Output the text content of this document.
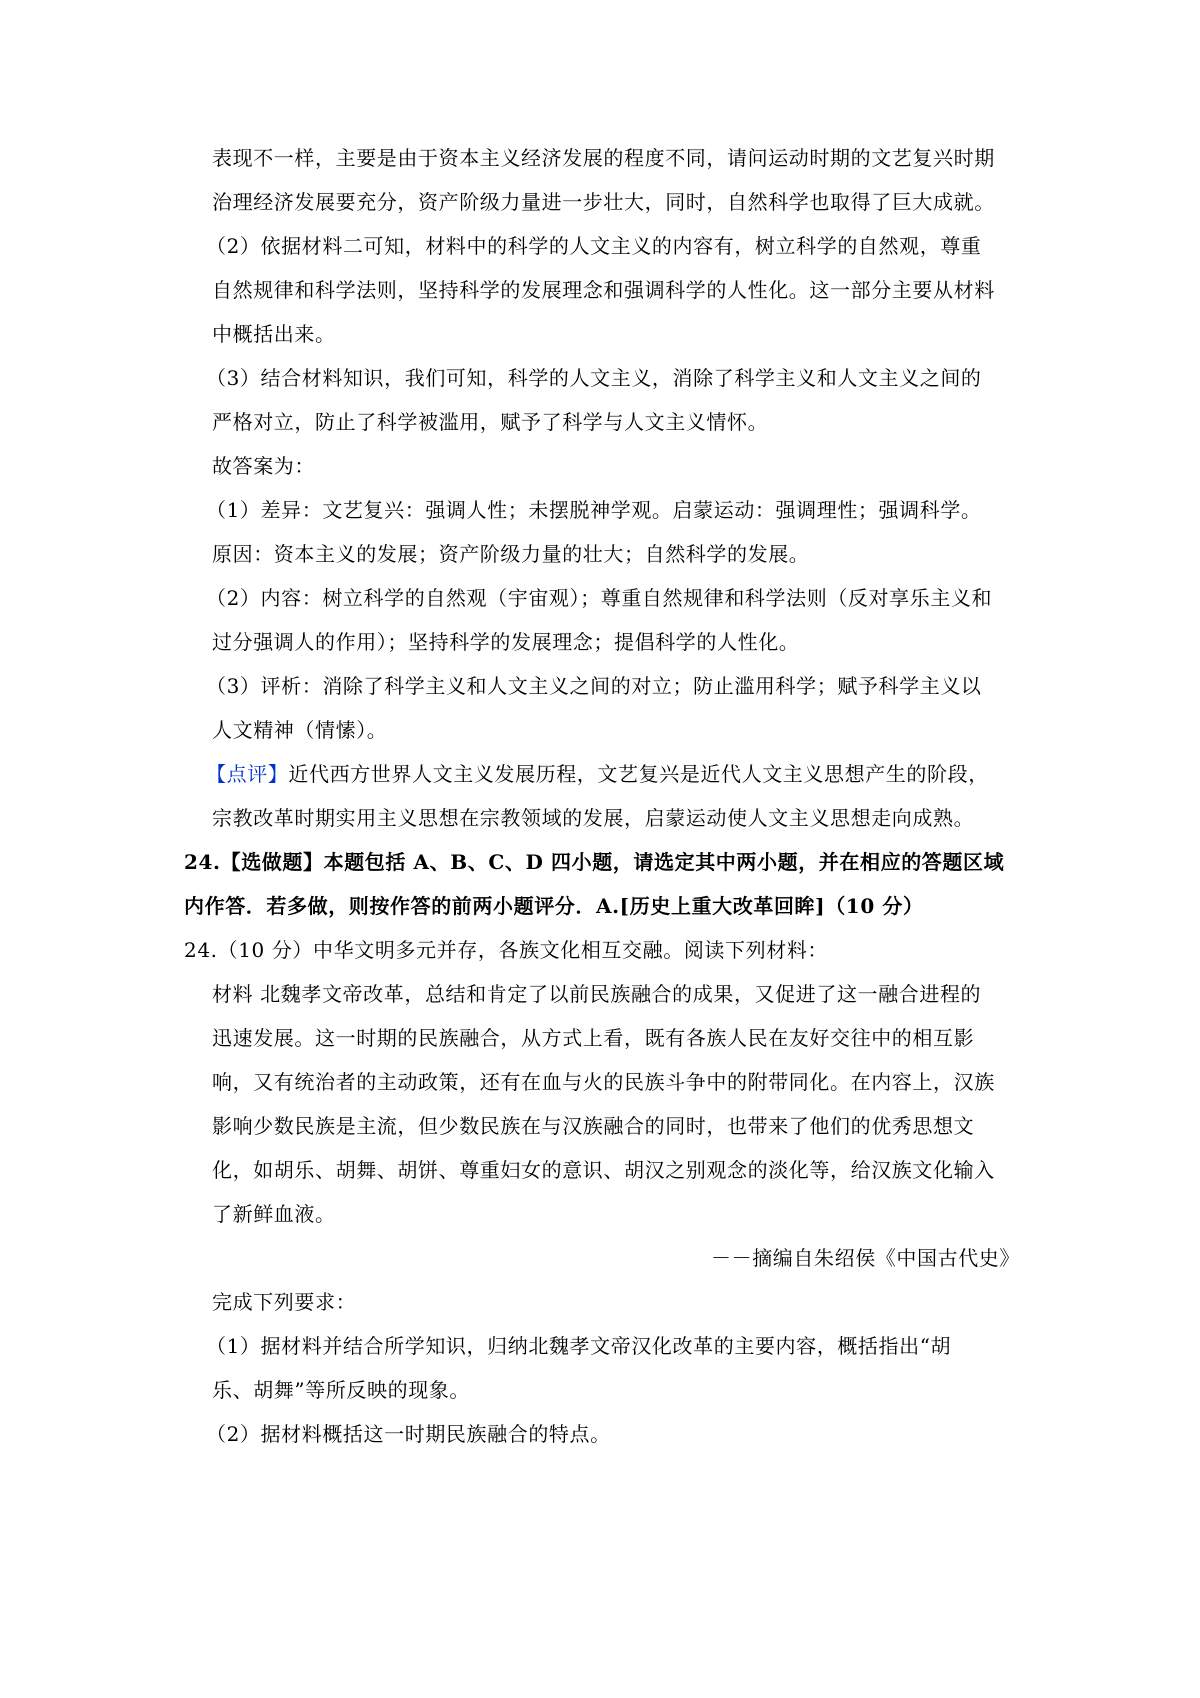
表现不一样，主要是由于资本主义经济发展的程度不同，请问运动时期的文艺复兴时期
治理经济发展要充分，资产阶级力量进一步壮大，同时，自然科学也取得了巨大成就。
（2）依据材料二可知，材料中的科学的人文主义的内容有，树立科学的自然观，尊重
自然规律和科学法则，坚持科学的发展理念和强调科学的人性化。这一部分主要从材料
中概括出来。
（3）结合材料知识，我们可知，科学的人文主义，消除了科学主义和人文主义之间的
严格对立，防止了科学被滥用，赋予了科学与人文主义情怀。
故答案为：
（1）差异：文艺复兴：强调人性；未摆脱神学观。启蒙运动：强调理性；强调科学。
原因：资本主义的发展；资产阶级力量的壮大；自然科学的发展。
（2）内容：树立科学的自然观（宇宙观）；尊重自然规律和科学法则（反对享乐主义和
过分强调人的作用）；坚持科学的发展理念；提倡科学的人性化。
（3）评析：消除了科学主义和人文主义之间的对立；防止滥用科学；赋予科学主义以
人文精神（情愫）。
【点评】近代西方世界人文主义发展历程，文艺复兴是近代人文主义思想产生的阶段，
宗教改革时期实用主义思想在宗教领域的发展，启蒙运动使人文主义思想走向成熟。
24.【选做题】本题包括 A、B、C、D 四小题，请选定其中两小题，并在相应的答题区域
内作答．若多做，则按作答的前两小题评分．A.[历史上重大改革回眸]（10 分）
24.（10 分）中华文明多元并存，各族文化相互交融。阅读下列材料：
材料 北魏孝文帝改革，总结和肯定了以前民族融合的成果，又促进了这一融合进程的
迅速发展。这一时期的民族融合，从方式上看，既有各族人民在友好交往中的相互影
响，又有统治者的主动政策，还有在血与火的民族斗争中的附带同化。在内容上，汉族
影响少数民族是主流，但少数民族在与汉族融合的同时，也带来了他们的优秀思想文
化，如胡乐、胡舞、胡饼、尊重妇女的意识、胡汉之别观念的淡化等，给汉族文化输入
了新鲜血液。
－－摘编自朱绍侯《中国古代史》
完成下列要求：
（1）据材料并结合所学知识，归纳北魏孝文帝汉化改革的主要内容，概括指出“胡
乐、胡舞”等所反映的现象。
（2）据材料概括这一时期民族融合的特点。
